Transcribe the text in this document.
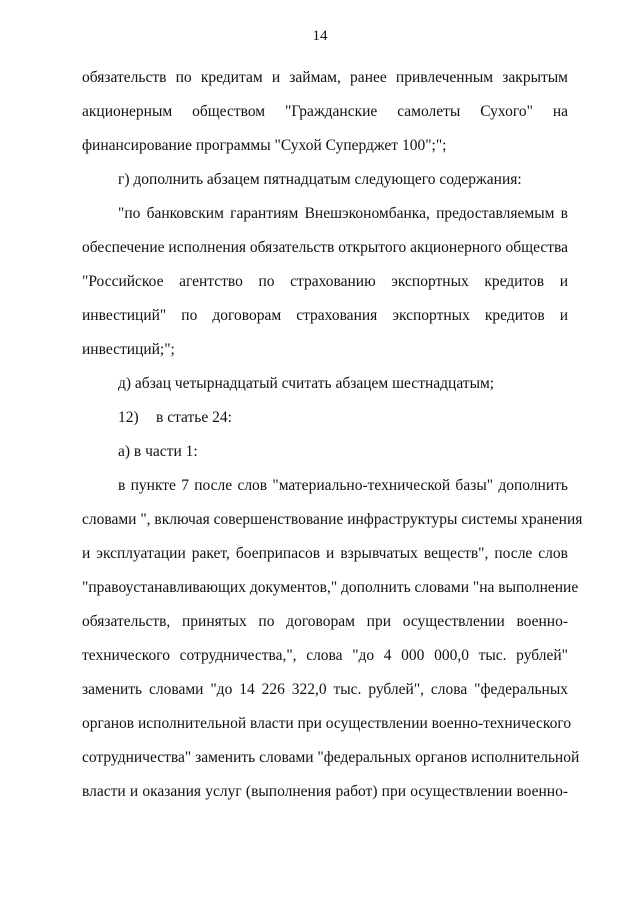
14
обязательств по кредитам и займам, ранее привлеченным закрытым
акционерным обществом "Гражданские самолеты Сухого" на
финансирование программы "Сухой Суперджет 100";";
г) дополнить абзацем пятнадцатым следующего содержания:
"по банковским гарантиям Внешэкономбанка, предоставляемым в
обеспечение исполнения обязательств открытого акционерного общества
"Российское агентство по страхованию экспортных кредитов и
инвестиций" по договорам страхования экспортных кредитов и
инвестиций;";
д) абзац четырнадцатый считать абзацем шестнадцатым;
12) в статье 24:
а) в части 1:
в пункте 7 после слов "материально-технической базы" дополнить
словами ", включая совершенствование инфраструктуры системы хранения
и эксплуатации ракет, боеприпасов и взрывчатых веществ", после слов
"правоустанавливающих документов," дополнить словами "на выполнение
обязательств, принятых по договорам при осуществлении военно-
технического сотрудничества,", слова "до 4 000 000,0 тыс. рублей"
заменить словами "до 14 226 322,0 тыс. рублей", слова "федеральных
органов исполнительной власти при осуществлении военно-технического
сотрудничества" заменить словами "федеральных органов исполнительной
власти и оказания услуг (выполнения работ) при осуществлении военно-
